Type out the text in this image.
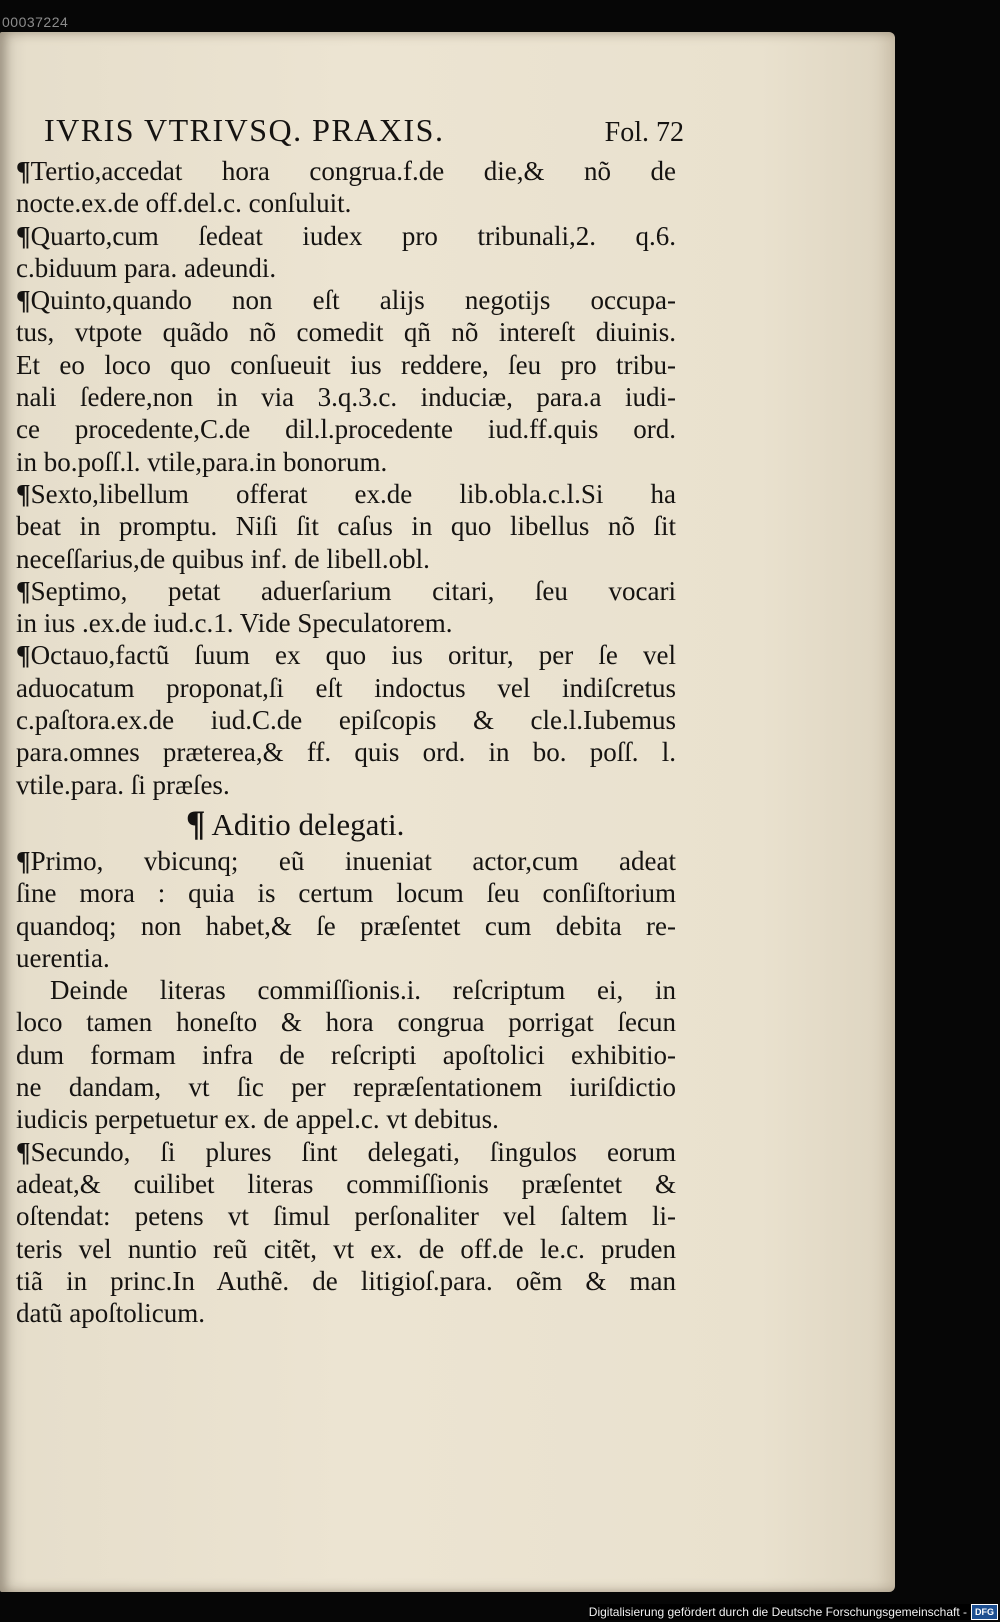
00037224
IVRIS VTRIVSQ. PRAXIS.	Fol. 72
¶Tertio,accedat hora congrua.f.de die,& nõ de
nocte.ex.de off.del.c. conſuluit.
¶Quarto,cum ſedeat iudex pro tribunali,2. q.6.
c.biduum para. adeundi.
¶Quinto,quando non eſt alijs negotijs occupa-
tus, vtpote quãdo nõ comedit qñ nõ intereſt diuinis.
Et eo loco quo conſueuit ius reddere, ſeu pro tribu-
nali ſedere,non in via 3.q.3.c. induciæ, para.a iudi-
ce procedente,C.de dil.l.procedente iud.ff.quis ord.
in bo.poſſ.l. vtile,para.in bonorum.
¶Sexto,libellum offerat ex.de lib.obla.c.l.Si ha
beat in promptu. Niſi ſit caſus in quo libellus nõ ſit
neceſſarius,de quibus inf. de libell.obl.
¶Septimo, petat aduerſarium citari, ſeu vocari
in ius .ex.de iud.c.1. Vide Speculatorem.
¶Octauo,factũ ſuum ex quo ius oritur, per ſe vel
aduocatum proponat,ſi eſt indoctus vel indiſcretus
c.paſtora.ex.de iud.C.de epiſcopis & cle.l.Iubemus
para.omnes præterea,& ff. quis ord. in bo. poſſ. l.
vtile.para. ſi præſes.
¶ Aditio delegati.
¶Primo, vbicunq; eũ inueniat actor,cum adeat
ſine mora : quia is certum locum ſeu conſiſtorium
quandoq; non habet,& ſe præſentet cum debita re-
uerentia.
Deinde literas commiſſionis.i. reſcriptum ei, in
loco tamen honeſto & hora congrua porrigat ſecun
dum formam infra de reſcripti apoſtolici exhibitio-
ne dandam, vt ſic per repræſentationem iuriſdictio
iudicis perpetuetur ex. de appel.c. vt debitus.
¶Secundo, ſi plures ſint delegati, ſingulos eorum
adeat,& cuilibet literas commiſſionis præſentet &
oſtendat: petens vt ſimul perſonaliter vel ſaltem li-
teris vel nuntio reũ citẽt, vt ex. de off.de le.c. pruden
tiã in princ.In Authẽ. de litigioſ.para. oẽm & man
datũ apoſtolicum.
Digitalisierung gefördert durch die Deutsche Forschungsgemeinschaft - DFG
